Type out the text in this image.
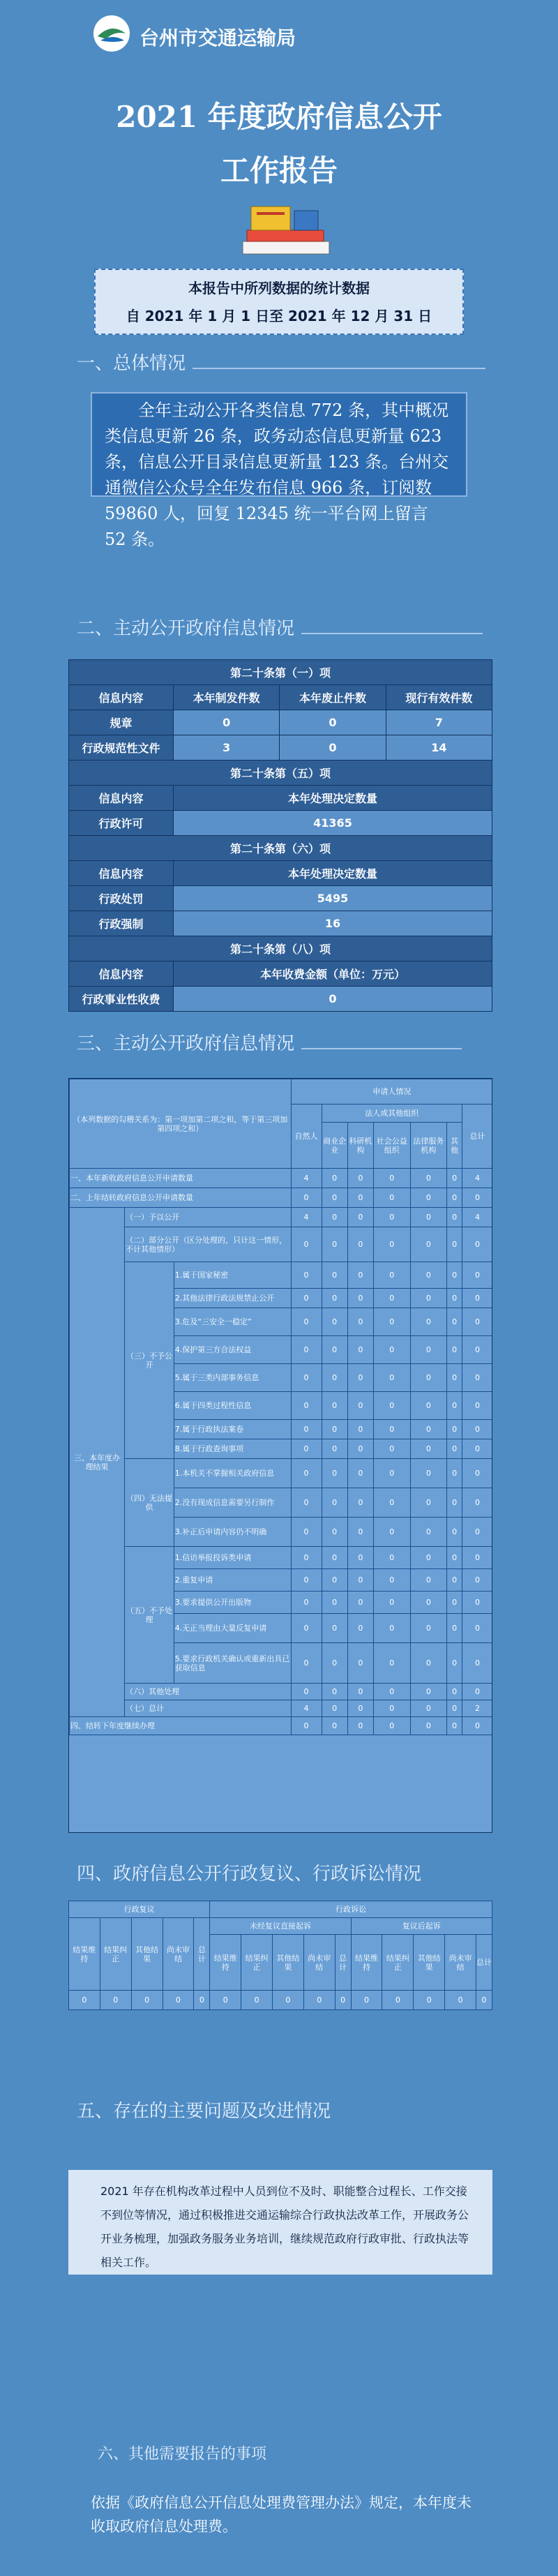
台州市交通运输局
2021 年度政府信息公开
工作报告
本报告中所列数据的统计数据
自 2021 年 1 月 1 日至 2021 年 12 月 31 日
一、总体情况
全年主动公开各类信息 772 条，其中概况类信息更新 26 条，政务动态信息更新量 623 条，信息公开目录信息更新量 123 条。台州交通微信公众号全年发布信息 966 条，订阅数 59860 人，回复 12345 统一平台网上留言 52 条。
二、主动公开政府信息情况
第二十条第（一）项			
信息内容	本年制发件数	本年废止件数	现行有效件数
规章	0	0	7
行政规范性文件	3	0	14
第二十条第（五）项			
信息内容	本年处理决定数量		
行政许可	41365		
第二十条第（六）项			
信息内容	本年处理决定数量		
行政处罚	5495		
行政强制	16		
第二十条第（八）项			
信息内容	本年收费金额（单位：万元）		
行政事业性收费	0		
三、主动公开政府信息情况
（本列数据的勾稽关系为：第一项加第二项之和，等于第三项加第四项之和）			申请人情况						
			自然人	法人或其他组织					总计
				商业企业	科研机构	社会公益组织	法律服务机构	其他	
一、本年新收政府信息公开申请数量			4	0	0	0	0	0	4
二、上年结转政府信息公开申请数量			0	0	0	0	0	0	0
三、本年度办理结果	（一）予以公开		4	0	0	0	0	0	4
	（二）部分公开（区分处理的，只计这一情形，不计其他情形）		0	0	0	0	0	0	0
	（三）不予公开	1.属于国家秘密	0	0	0	0	0	0	0
		2.其他法律行政法规禁止公开	0	0	0	0	0	0	0
		3.危及“三安全一稳定”	0	0	0	0	0	0	0
		4.保护第三方合法权益	0	0	0	0	0	0	0
		5.属于三类内部事务信息	0	0	0	0	0	0	0
		6.属于四类过程性信息	0	0	0	0	0	0	0
		7.属于行政执法案卷	0	0	0	0	0	0	0
		8.属于行政查询事项	0	0	0	0	0	0	0
	（四）无法提供	1.本机关不掌握相关政府信息	0	0	0	0	0	0	0
		2.没有现成信息需要另行制作	0	0	0	0	0	0	0
		3.补正后申请内容仍不明确	0	0	0	0	0	0	0
	（五）不予处理	1.信访举报投诉类申请	0	0	0	0	0	0	0
		2.重复申请	0	0	0	0	0	0	0
		3.要求提供公开出版物	0	0	0	0	0	0	0
		4.无正当理由大量反复申请	0	0	0	0	0	0	0
		5.要求行政机关确认或重新出具已获取信息	0	0	0	0	0	0	0
	（六）其他处理		0	0	0	0	0	0	0
	（七）总计		4	0	0	0	0	0	2
四、结转下年度继续办理			0	0	0	0	0	0	0
四、政府信息公开行政复议、行政诉讼情况
行政复议					行政诉讼									
结果维持	结果纠正	其他结果	尚未审结	总计	未经复议直接起诉					复议后起诉				
					结果维持	结果纠正	其他结果	尚未审结	总计	结果维持	结果纠正	其他结果	尚未审结	总计
0	0	0	0	0	0	0	0	0	0	0	0	0	0	0
五、存在的主要问题及改进情况
2021 年存在机构改革过程中人员到位不及时、职能整合过程长、工作交接不到位等情况，通过积极推进交通运输综合行政执法改革工作，开展政务公开业务梳理，加强政务服务业务培训，继续规范政府行政审批、行政执法等相关工作。
六、其他需要报告的事项
依据《政府信息公开信息处理费管理办法》规定，本年度未收取政府信息处理费。
